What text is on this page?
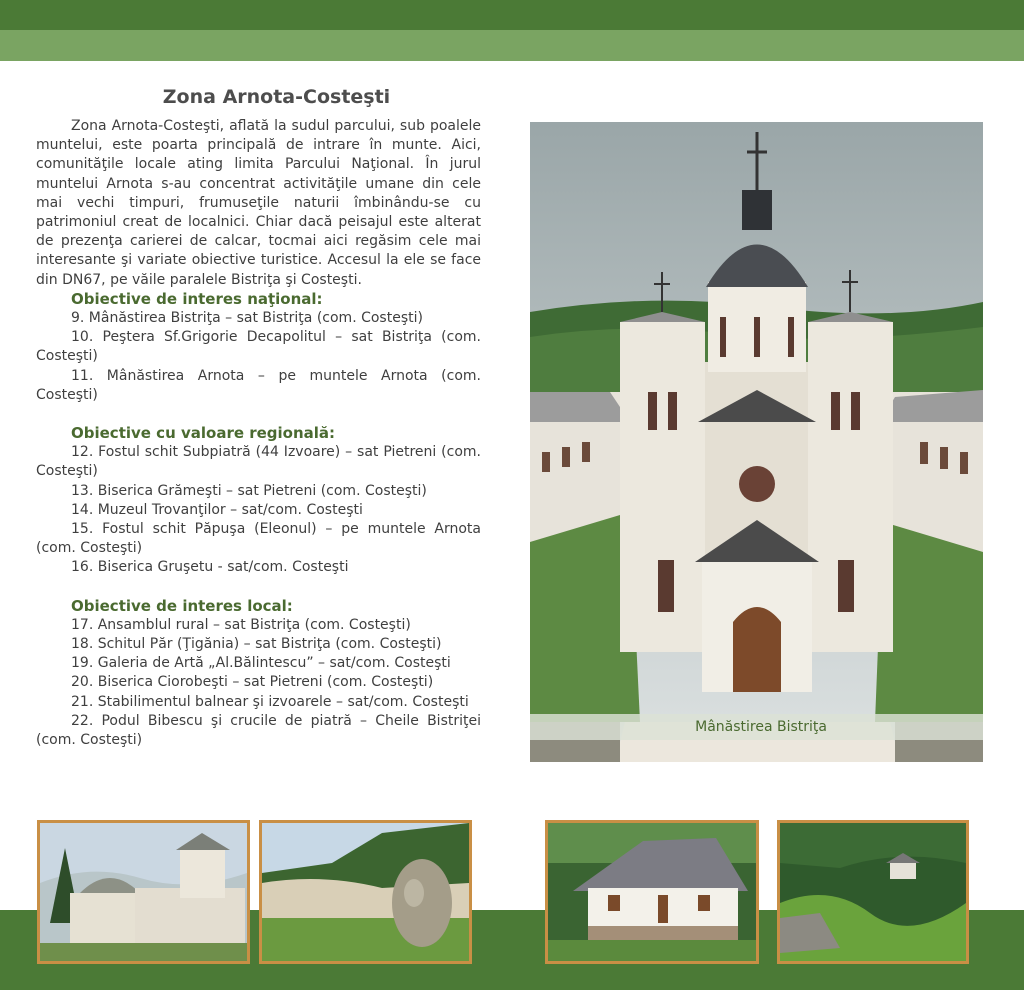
Zona Arnota-Costeşti

Zona Arnota-Costeşti, aflată la sudul parcului, sub poalele muntelui, este poarta principală de intrare în munte. Aici, comunităţile locale ating limita Parcului Naţional. În jurul muntelui Arnota s-au concentrat activităţile umane din cele mai vechi timpuri, frumuseţile naturii îmbinându-se cu patrimoniul creat de localnici. Chiar dacă peisajul este alterat de prezenţa carierei de calcar, tocmai aici regăsim cele mai interesante şi variate obiective turistice. Accesul la ele se face din DN67, pe văile paralele Bistriţa şi Costeşti.

Obiective de interes naţional:

9. Mânăstirea Bistriţa – sat Bistriţa (com. Costeşti)

10. Peştera Sf.Grigorie Decapolitul – sat Bistriţa (com. Costeşti)

11. Mânăstirea Arnota – pe muntele Arnota (com. Costeşti)

Obiective cu valoare regională:

12. Fostul schit Subpiatră (44 Izvoare) – sat Pietreni (com. Costeşti)

13. Biserica Grămeşti – sat Pietreni (com. Costeşti)

14. Muzeul Trovanţilor – sat/com. Costeşti

15. Fostul schit Păpuşa (Eleonul) – pe muntele Arnota (com. Costeşti)

16. Biserica Gruşetu - sat/com. Costeşti

Obiective de interes local:

17. Ansamblul rural – sat Bistriţa (com. Costeşti)

18. Schitul Păr (Ţigănia) – sat Bistriţa (com. Costeşti)

19. Galeria de Artă „Al.Bălintescu” – sat/com. Costeşti

20. Biserica Ciorobeşti – sat Pietreni (com. Costeşti)

21. Stabilimentul balnear şi izvoarele – sat/com. Costeşti

22. Podul Bibescu şi crucile de piatră – Cheile Bistriţei (com. Costeşti)

Mânăstirea Bistriţa
